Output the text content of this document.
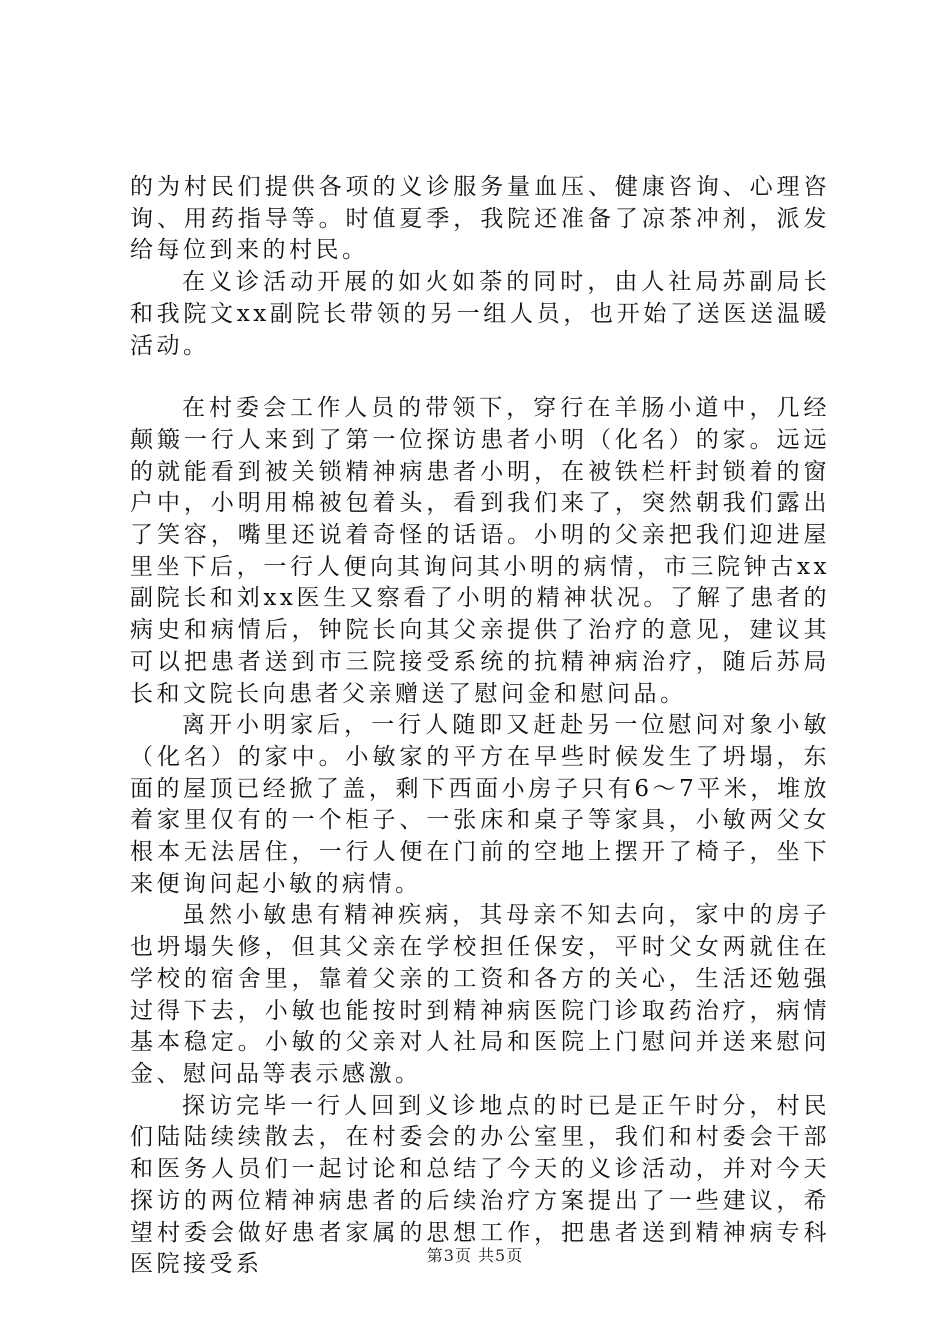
的为村民们提供各项的义诊服务量血压、健康咨询、心理咨询、用药指导等。时值夏季，我院还准备了凉茶冲剂，派发给每位到来的村民。

在义诊活动开展的如火如荼的同时，由人社局苏副局长和我院文xx副院长带领的另一组人员，也开始了送医送温暖活动。

在村委会工作人员的带领下，穿行在羊肠小道中，几经颠簸一行人来到了第一位探访患者小明（化名）的家。远远的就能看到被关锁精神病患者小明，在被铁栏杆封锁着的窗户中，小明用棉被包着头，看到我们来了，突然朝我们露出了笑容，嘴里还说着奇怪的话语。小明的父亲把我们迎进屋里坐下后，一行人便向其询问其小明的病情，市三院钟古xx副院长和刘xx医生又察看了小明的精神状况。了解了患者的病史和病情后，钟院长向其父亲提供了治疗的意见，建议其可以把患者送到市三院接受系统的抗精神病治疗，随后苏局长和文院长向患者父亲赠送了慰问金和慰问品。

离开小明家后，一行人随即又赶赴另一位慰问对象小敏（化名）的家中。小敏家的平方在早些时候发生了坍塌，东面的屋顶已经掀了盖，剩下西面小房子只有6～7平米，堆放着家里仅有的一个柜子、一张床和桌子等家具，小敏两父女根本无法居住，一行人便在门前的空地上摆开了椅子，坐下来便询问起小敏的病情。

虽然小敏患有精神疾病，其母亲不知去向，家中的房子也坍塌失修，但其父亲在学校担任保安，平时父女两就住在学校的宿舍里，靠着父亲的工资和各方的关心，生活还勉强过得下去，小敏也能按时到精神病医院门诊取药治疗，病情基本稳定。小敏的父亲对人社局和医院上门慰问并送来慰问金、慰问品等表示感激。

探访完毕一行人回到义诊地点的时已是正午时分，村民们陆陆续续散去，在村委会的办公室里，我们和村委会干部和医务人员们一起讨论和总结了今天的义诊活动，并对今天探访的两位精神病患者的后续治疗方案提出了一些建议，希望村委会做好患者家属的思想工作，把患者送到精神病专科医院接受系	第3页 共5页
